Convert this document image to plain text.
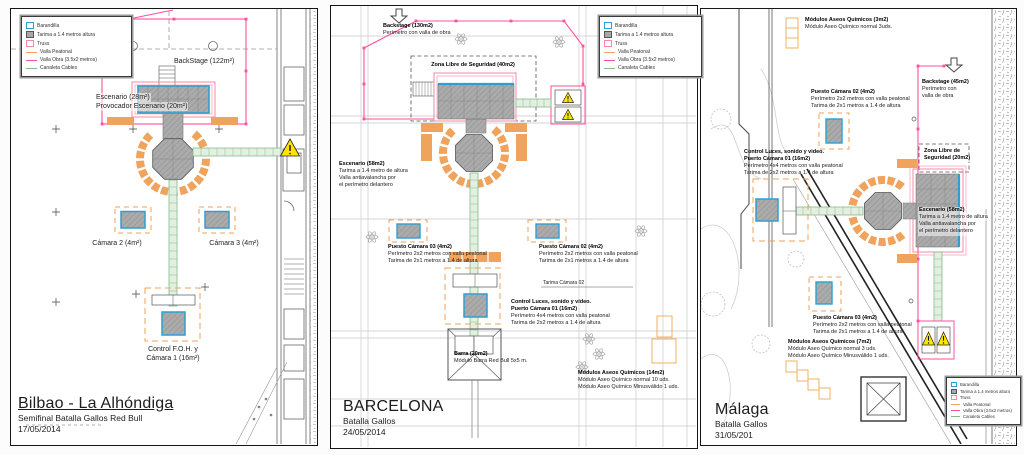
Barandilla
Tarima a 1.4 metros altura
Truss
Valla Peatonal
Valla Obra (3.5x2 metros)
Canaleta Cables
BackStage (122m²)
Escenario (28m²)
Provocador Escenario (20m²)
Cámara 2 (4m²)	Cámara 3 (4m²)
Control F.O.H. y
Cámara 1 (16m²)
Bilbao - La Alhóndiga
Semifinal Batalla Gallos Red Bull
17/05/2014
Barandilla
Tarima a 1.4 metros altura
Truss
Valla Peatonal
Valla Obra (3.5x2 metros)
Canaleta Cables
Backstage (130m2)
Perímetro con valla de obra
Zona Libre de Seguridad (40m2)
Escenario (58m2)
Tarima a 1.4 metro de altura
Valla antiavalancha por
el perímetro delantero
Puesto Cámara 03 (4m2)
Perímetro 2x2 metros con valla peatonal
Tarima de 2x1 metros a 1.4 de altura
Puesto Cámara 02 (4m2)
Perímetro 2x2 metros con valla peatonal
Tarima de 2x1 metros a 1.4 de altura
Tarima Cámara 02
Control Luces, sonido y vídeo.
Puerto Cámara 01 (16m2)
Perímetro 4x4 metros con valla peatonal
Tarima de 2x2 metros a 1.4 de altura
Barra (20m2)
Módulo Barra Red Bull 5x5 m.
Módulos Aseos Químicos (14m2)
Módulo Aseo Químico normal 10 uds.
Módulo Aseo Químico Minusválido 1 uds.
BARCELONA
Batalla Gallos
24/05/2014
Barandilla
Tarima a 1.4 metros altura
Truss
Valla Peatonal
Valla Obra (3.5x2 metros)
Canaleta Cables
Módulos Aseos Químicos (3m2)
Módulo Aseo Químico normal 3uds.
Backstage (45m2)
Perímetro con
valla de obra
Puesto Cámara 02 (4m2)
Perímetro 2x2 metros con valla peatonal
Tarima de 2x1 metros a 1.4 de altura
Control Luces, sonido y video.
Puerto Cámara 01 (16m2)
Perímetro 4x4 metros con valla peatonal
Tarima de 2x2 metros a 1.4 de altura
Zona Libre de
Seguridad (20m2)
Escenario (58m2)
Tarima a 1.4 metro de altura
Valla antiavalancha por
el perímetro delantero
Puesto Cámara 03 (4m2)
Perímetro 2x2 metros con valla peatonal
Tarima de 2x1 metros a 1.4 de altura
Módulos Aseos Químicos (7m2)
Módulo Aseo Químico normal 3 uds.
Módulo Aseo Químico Minusválido 1 uds.
Málaga
Batalla Gallos
31/05/201
